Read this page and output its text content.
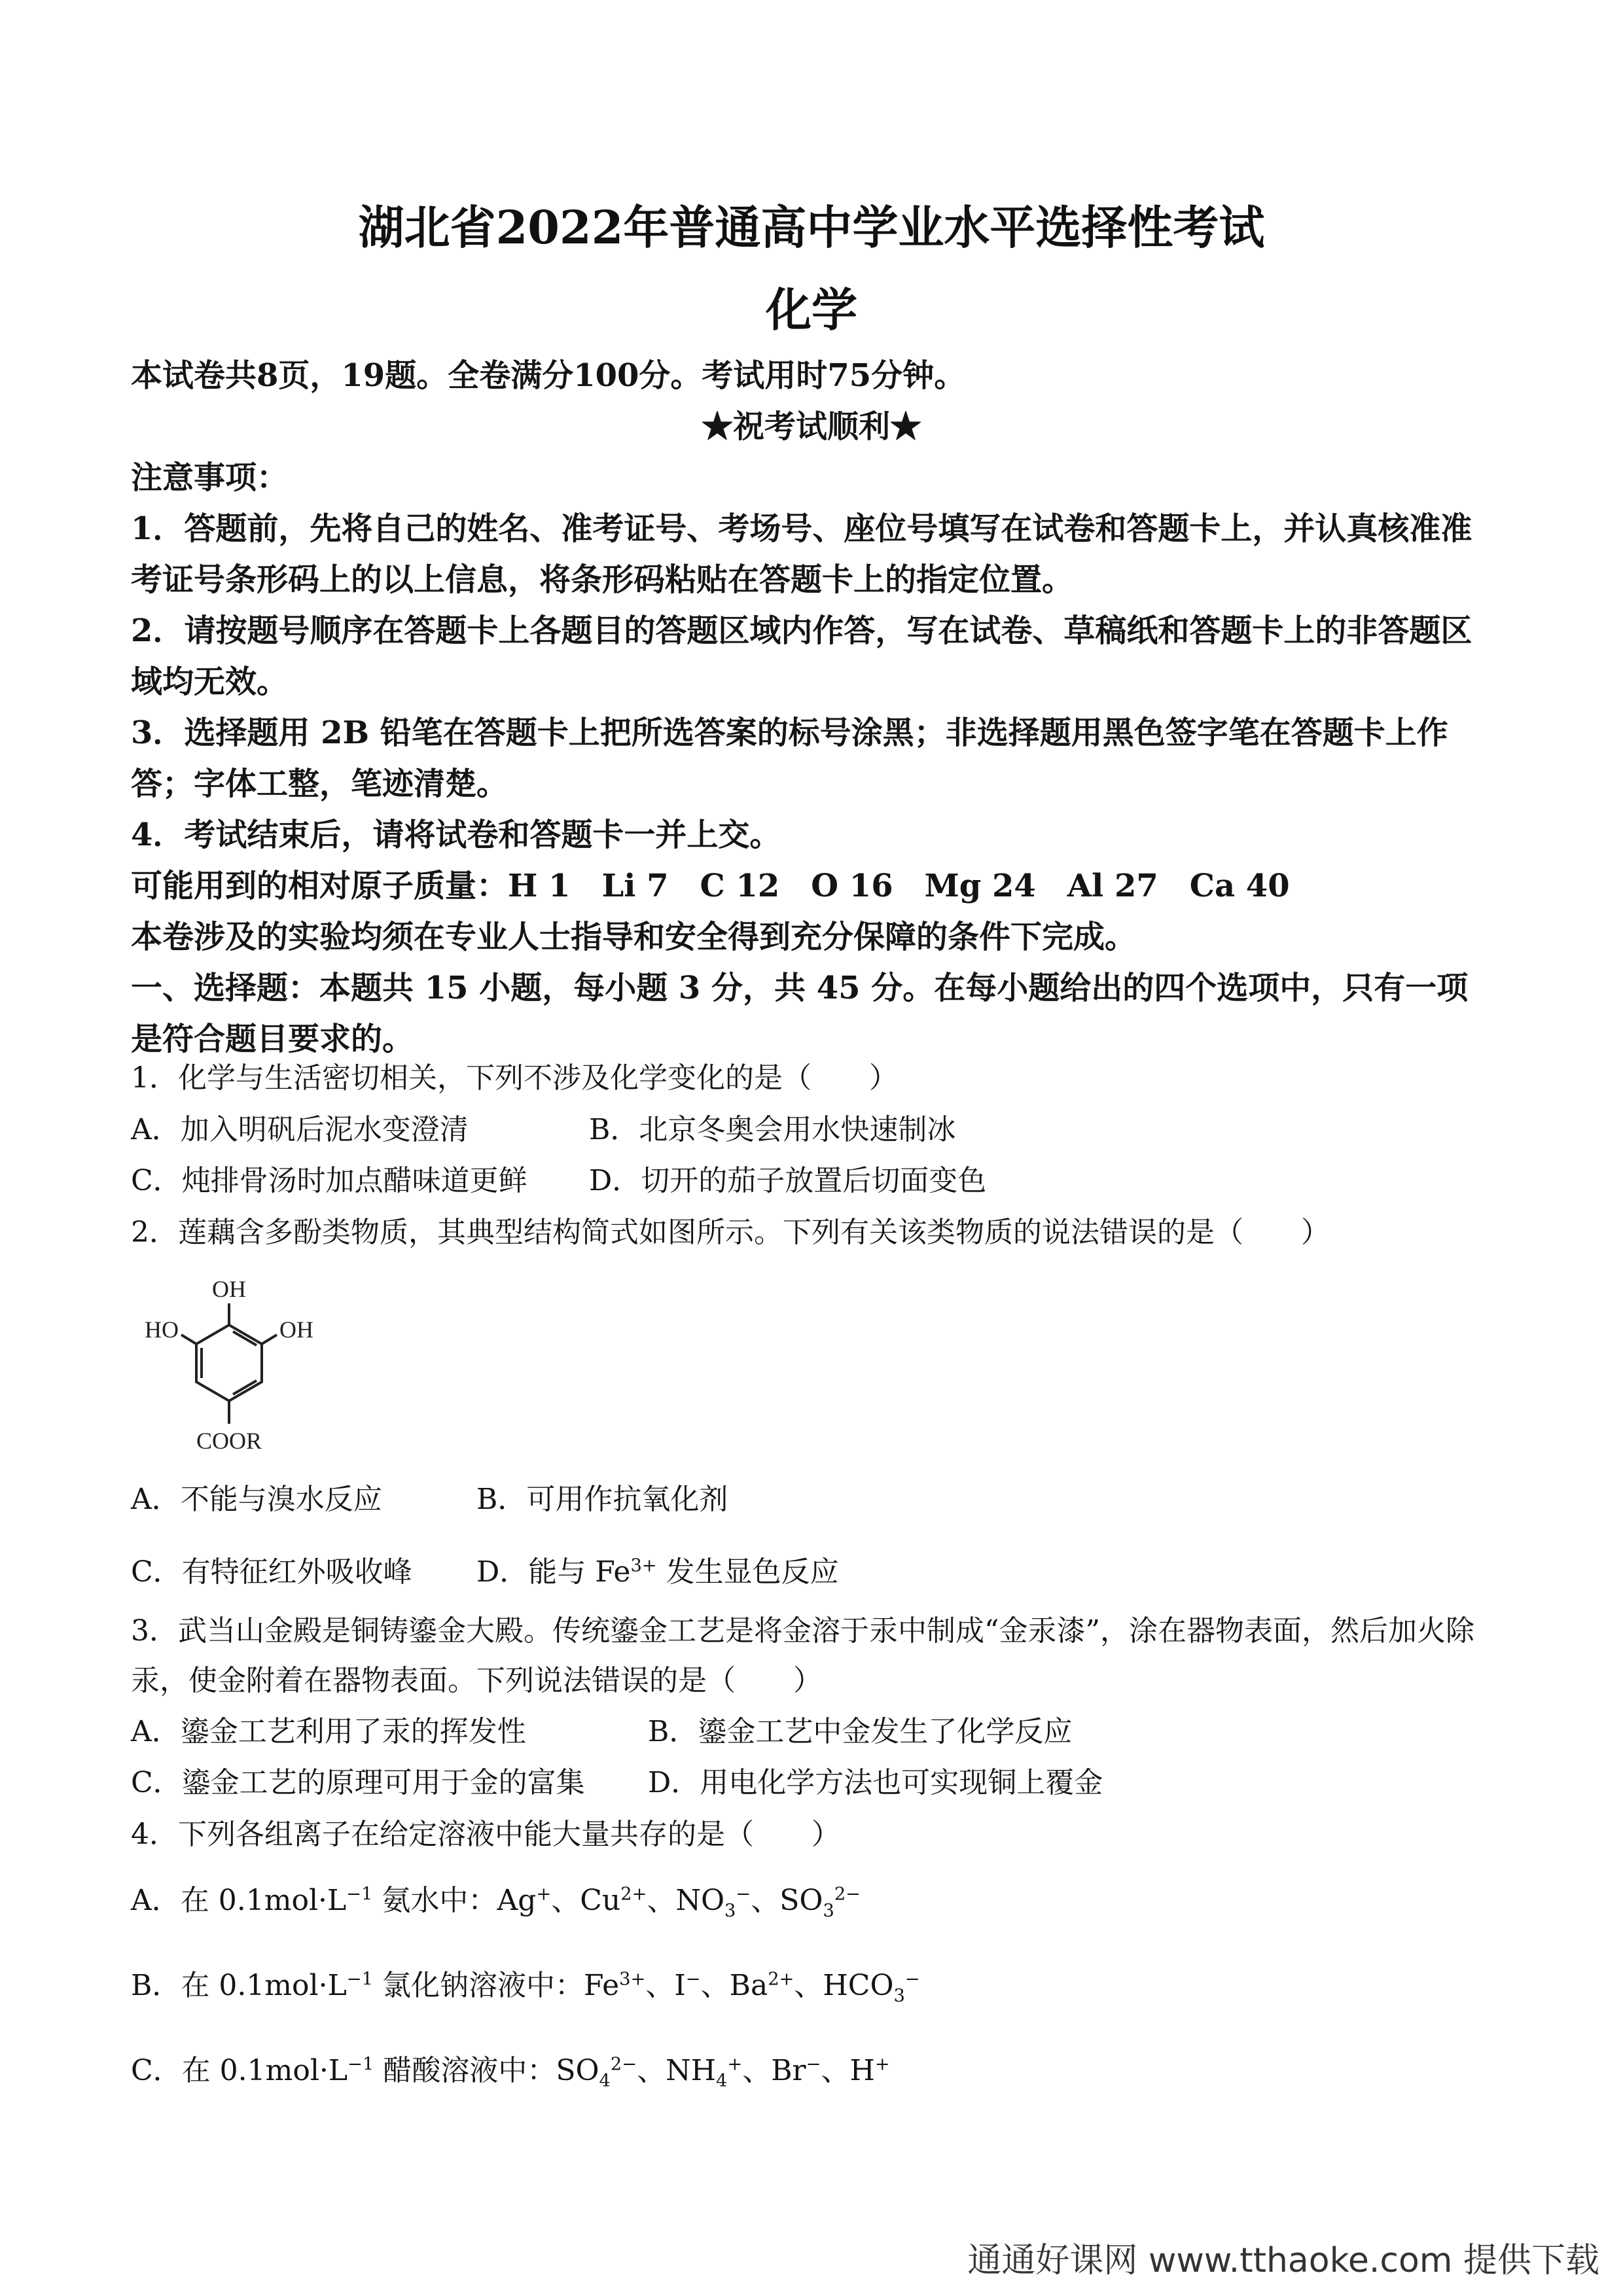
湖北省2022年普通高中学业水平选择性考试
化学
本试卷共8页，19题。全卷满分100分。考试用时75分钟。
★祝考试顺利★
注意事项：
1．答题前，先将自己的姓名、准考证号、考场号、座位号填写在试卷和答题卡上，并认真核准准考证号条形码上的以上信息，将条形码粘贴在答题卡上的指定位置。
2．请按题号顺序在答题卡上各题目的答题区域内作答，写在试卷、草稿纸和答题卡上的非答题区域均无效。
3．选择题用 2B 铅笔在答题卡上把所选答案的标号涂黑；非选择题用黑色签字笔在答题卡上作答；字体工整，笔迹清楚。
4．考试结束后，请将试卷和答题卡一并上交。
可能用到的相对原子质量：H 1　Li 7　C 12　O 16　Mg 24　Al 27　Ca 40
本卷涉及的实验均须在专业人士指导和安全得到充分保障的条件下完成。
一、选择题：本题共 15 小题，每小题 3 分，共 45 分。在每小题给出的四个选项中，只有一项是符合题目要求的。
1．化学与生活密切相关，下列不涉及化学变化的是（　　）
A．加入明矾后泥水变澄清	B．北京冬奥会用水快速制冰
C．炖排骨汤时加点醋味道更鲜 D．切开的茄子放置后切面变色
2．莲藕含多酚类物质，其典型结构简式如图所示。下列有关该类物质的说法错误的是（　　）
OH
HO	OH
COOR
A．不能与溴水反应	B．可用作抗氧化剂
C．有特征红外吸收峰 D．能与 $Fe^{3+}$ 发生显色反应
3．武当山金殿是铜铸鎏金大殿。传统鎏金工艺是将金溶于汞中制成“金汞漆”，涂在器物表面，然后加火除汞，使金附着在器物表面。下列说法错误的是（　　）
A．鎏金工艺利用了汞的挥发性	B．鎏金工艺中金发生了化学反应
C．鎏金工艺的原理可用于金的富集 D．用电化学方法也可实现铜上覆金
4．下列各组离子在给定溶液中能大量共存的是（　　）
A．在 $0.1mol\cdot L^{-1}$ 氨水中：Ag+、$Cu^{2+}$、$NO_3^-$、$SO_3^{2-}$
B．在 $0.1mol\cdot L^{-1}$ 氯化钠溶液中：$Fe^{3+}$、I−、$Ba^{2+}$、$HCO_3^-$
C．在 $0.1mol\cdot L^{-1}$ 醋酸溶液中：$SO_4^{2-}$、$NH_4^+$、Br−、H+
通通好课网 www.tthaoke.com 提供下载
